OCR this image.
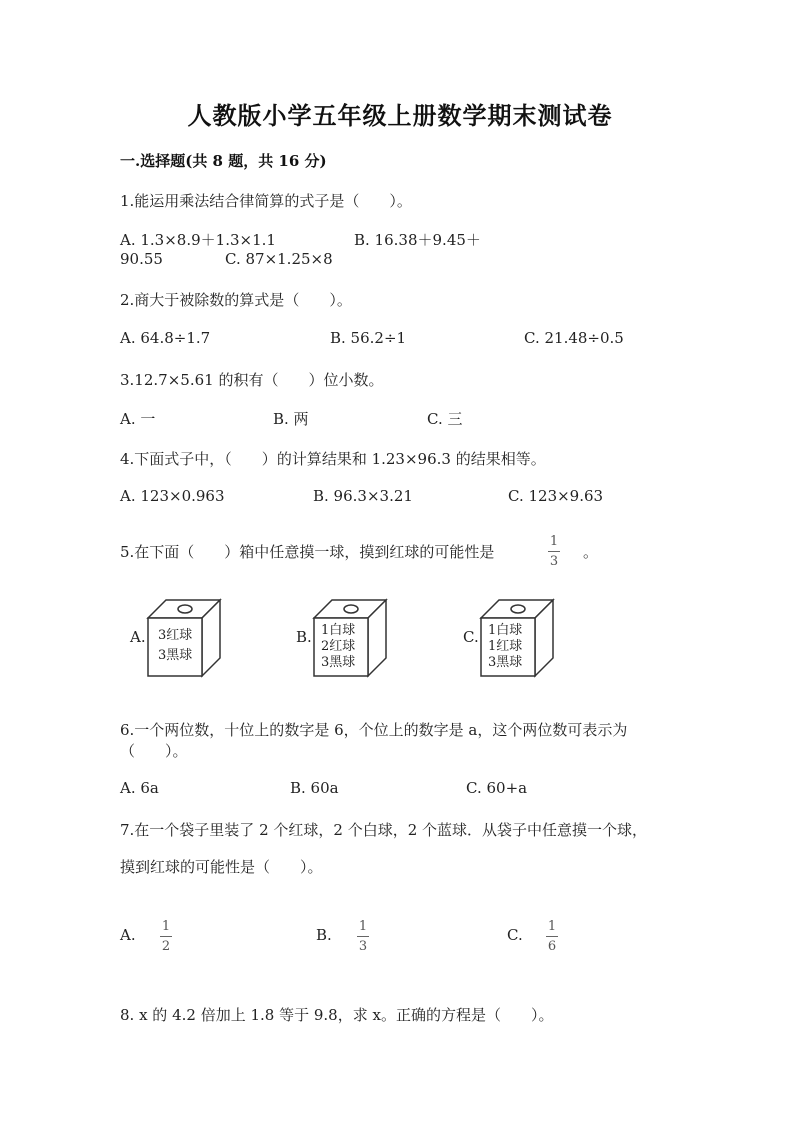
人教版小学五年级上册数学期末测试卷
一.选择题(共 8 题，共 16 分)
1.能运用乘法结合律简算的式子是（　　）。
A. 1.3×8.9＋1.3×1.1	B. 16.38＋9.45＋
90.55	C. 87×1.25×8
2.商大于被除数的算式是（　　）。
A. 64.8÷1.7	B. 56.2÷1	C. 21.48÷0.5
3.12.7×5.61 的积有（　　）位小数。
A. 一	B. 两	C. 三
4.下面式子中，（　　）的计算结果和 1.23×96.3 的结果相等。
A. 123×0.963	B. 96.3×3.21	C. 123×9.63
5.在下面（　　）箱中任意摸一球，摸到红球的可能性是
1
3
。
A. 3红球
3黑球
B. 1白球
2红球
3黑球
C. 1白球
1红球
3黑球
6.一个两位数，十位上的数字是 6，个位上的数字是 a，这个两位数可表示为
（　　）。
A. 6a	B. 60a	C. 60+a
7.在一个袋子里装了 2 个红球，2 个白球，2 个蓝球．从袋子中任意摸一个球，
摸到红球的可能性是（　　）。
A. 1
2
B. 1
3
C. 1
6
8. x 的 4.2 倍加上 1.8 等于 9.8，求 x。正确的方程是（　　）。
